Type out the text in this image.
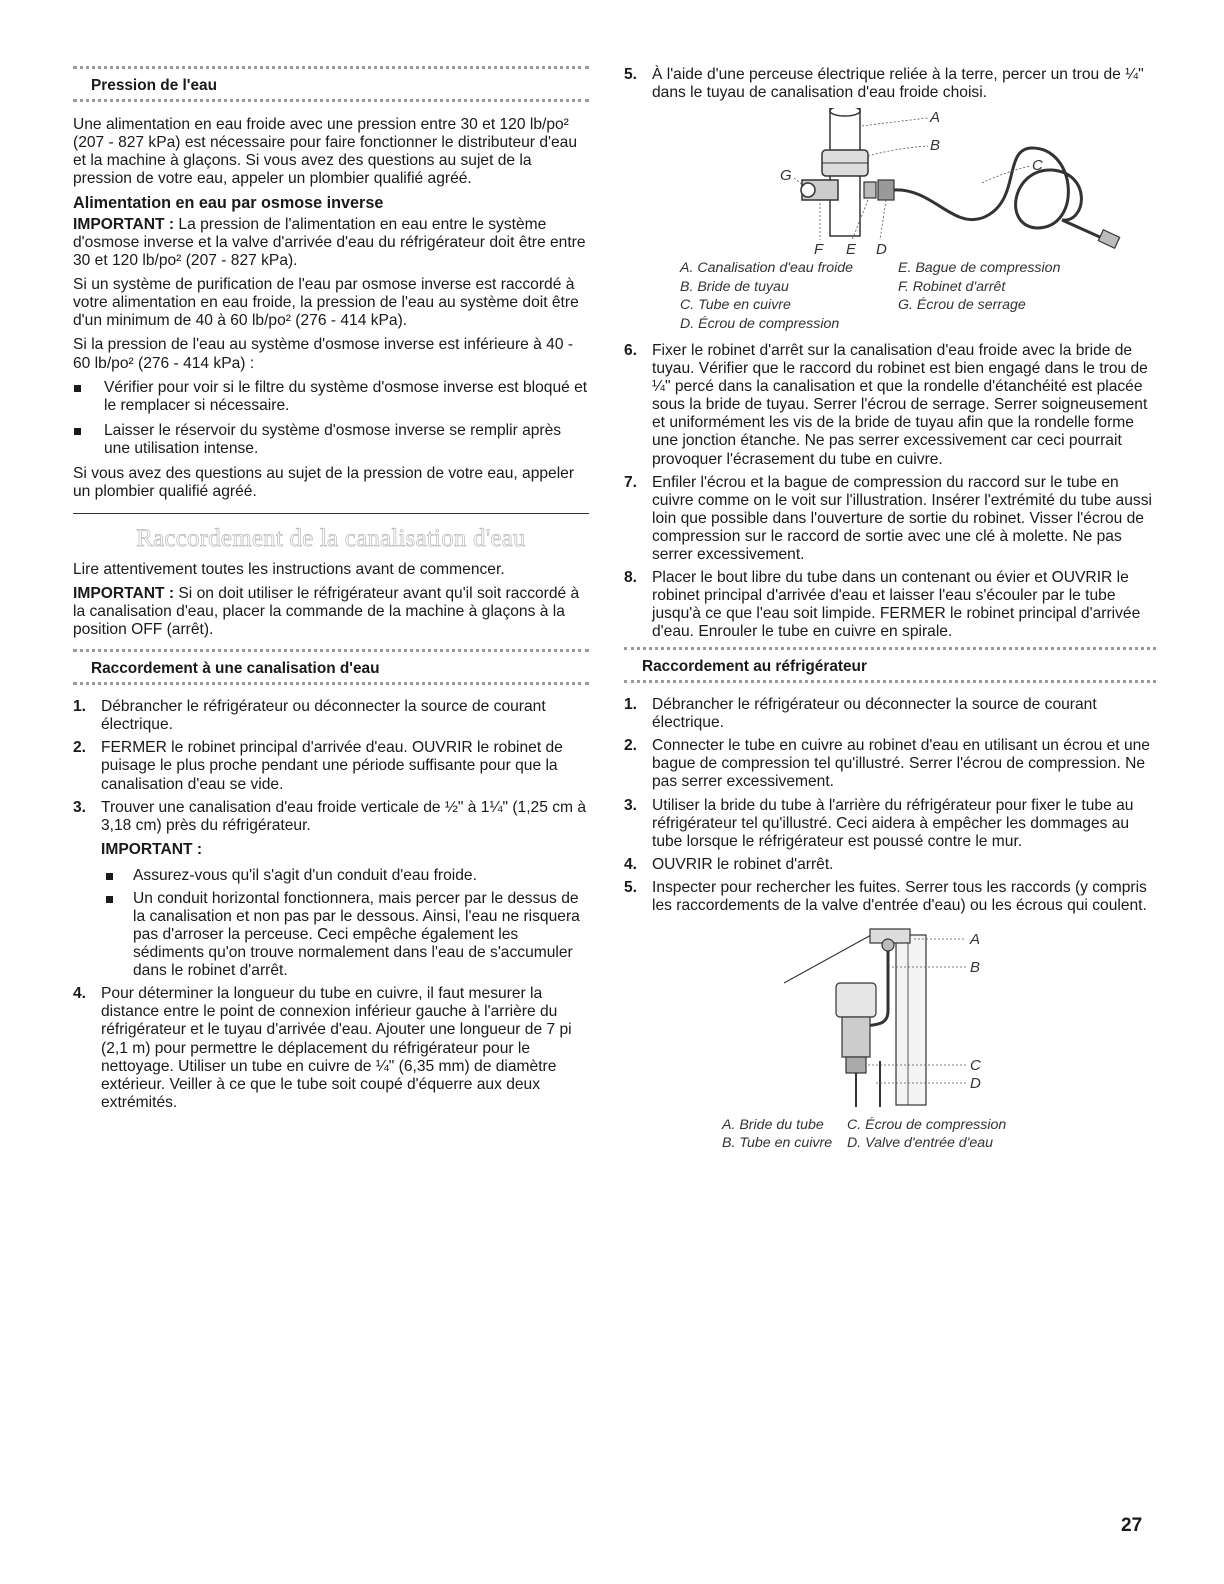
Pression de l'eau

Une alimentation en eau froide avec une pression entre 30 et 120 lb/po² (207 - 827 kPa) est nécessaire pour faire fonctionner le distributeur d'eau et la machine à glaçons. Si vous avez des questions au sujet de la pression de votre eau, appeler un plombier qualifié agréé.

Alimentation en eau par osmose inverse

IMPORTANT : La pression de l'alimentation en eau entre le système d'osmose inverse et la valve d'arrivée d'eau du réfrigérateur doit être entre 30 et 120 lb/po² (207 - 827 kPa).

Si un système de purification de l'eau par osmose inverse est raccordé à votre alimentation en eau froide, la pression de l'eau au système doit être d'un minimum de 40 à 60 lb/po² (276 - 414 kPa).

Si la pression de l'eau au système d'osmose inverse est inférieure à 40 - 60 lb/po² (276 - 414 kPa) :

Vérifier pour voir si le filtre du système d'osmose inverse est bloqué et le remplacer si nécessaire.
Laisser le réservoir du système d'osmose inverse se remplir après une utilisation intense.

Si vous avez des questions au sujet de la pression de votre eau, appeler un plombier qualifié agréé.

Raccordement de la canalisation d'eau

Lire attentivement toutes les instructions avant de commencer.

IMPORTANT : Si on doit utiliser le réfrigérateur avant qu'il soit raccordé à la canalisation d'eau, placer la commande de la machine à glaçons à la position OFF (arrêt).

Raccordement à une canalisation d'eau
1. Débrancher le réfrigérateur ou déconnecter la source de courant électrique.
2. FERMER le robinet principal d'arrivée d'eau. OUVRIR le robinet de puisage le plus proche pendant une période suffisante pour que la canalisation d'eau se vide.
3. Trouver une canalisation d'eau froide verticale de ½" à 1¼" (1,25 cm à 3,18 cm) près du réfrigérateur.
IMPORTANT :
Assurez-vous qu'il s'agit d'un conduit d'eau froide.
Un conduit horizontal fonctionnera, mais percer par le dessus de la canalisation et non pas par le dessous. Ainsi, l'eau ne risquera pas d'arroser la perceuse. Ceci empêche également les sédiments qu'on trouve normalement dans l'eau de s'accumuler dans le robinet d'arrêt.
4. Pour déterminer la longueur du tube en cuivre, il faut mesurer la distance entre le point de connexion inférieur gauche à l'arrière du réfrigérateur et le tuyau d'arrivée d'eau. Ajouter une longueur de 7 pi (2,1 m) pour permettre le déplacement du réfrigérateur pour le nettoyage. Utiliser un tube en cuivre de ¼" (6,35 mm) de diamètre extérieur. Veiller à ce que le tube soit coupé d'équerre aux deux extrémités.
5. À l'aide d'une perceuse électrique reliée à la terre, percer un trou de ¼" dans le tuyau de canalisation d'eau froide choisi.
A
B
C
D
E
F
G
A. Canalisation d'eau froide	E. Bague de compression
B. Bride de tuyau	F. Robinet d'arrêt
C. Tube en cuivre	G. Écrou de serrage
D. Écrou de compression	
6. Fixer le robinet d'arrêt sur la canalisation d'eau froide avec la bride de tuyau. Vérifier que le raccord du robinet est bien engagé dans le trou de ¼" percé dans la canalisation et que la rondelle d'étanchéité est placée sous la bride de tuyau. Serrer l'écrou de serrage. Serrer soigneusement et uniformément les vis de la bride de tuyau afin que la rondelle forme une jonction étanche. Ne pas serrer excessivement car ceci pourrait provoquer l'écrasement du tube en cuivre.
7. Enfiler l'écrou et la bague de compression du raccord sur le tube en cuivre comme on le voit sur l'illustration. Insérer l'extrémité du tube aussi loin que possible dans l'ouverture de sortie du robinet. Visser l'écrou de compression sur le raccord de sortie avec une clé à molette. Ne pas serrer excessivement.
8. Placer le bout libre du tube dans un contenant ou évier et OUVRIR le robinet principal d'arrivée d'eau et laisser l'eau s'écouler par le tube jusqu'à ce que l'eau soit limpide. FERMER le robinet principal d'arrivée d'eau. Enrouler le tube en cuivre en spirale.
Raccordement au réfrigérateur
1. Débrancher le réfrigérateur ou déconnecter la source de courant électrique.
2. Connecter le tube en cuivre au robinet d'eau en utilisant un écrou et une bague de compression tel qu'illustré. Serrer l'écrou de compression. Ne pas serrer excessivement.
3. Utiliser la bride du tube à l'arrière du réfrigérateur pour fixer le tube au réfrigérateur tel qu'illustré. Ceci aidera à empêcher les dommages au tube lorsque le réfrigérateur est poussé contre le mur.
4. OUVRIR le robinet d'arrêt.
5. Inspecter pour rechercher les fuites. Serrer tous les raccords (y compris les raccordements de la valve d'entrée d'eau) ou les écrous qui coulent.
A
B
C
D
A. Bride du tube	C. Écrou de compression
B. Tube en cuivre	D. Valve d'entrée d'eau
27
